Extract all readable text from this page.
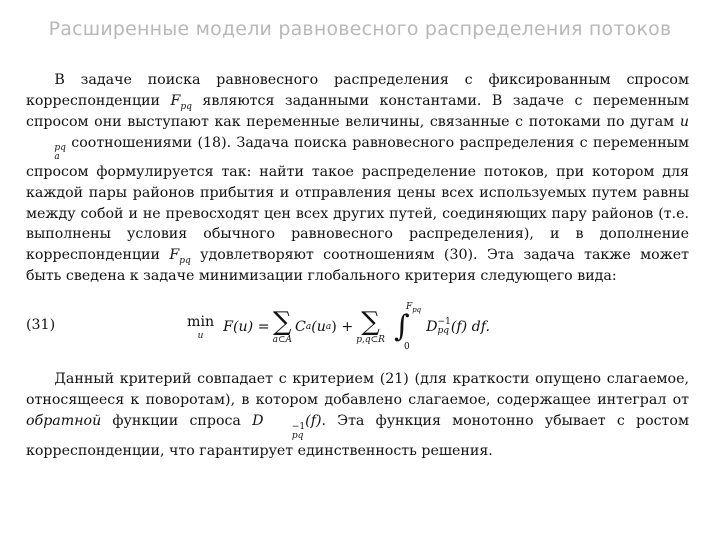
Расширенные модели равновесного распределения потоков

В задаче поиска равновесного распределения с фиксированным спросом корреспонденции $F_{pq}$ являются заданными константами. В задаче с переменным спросом они выступают как переменные величины, связанные с потоками по дугам u
pq
a
соотношениями (18). Задача поиска равновесного распределения с переменным спросом формулируется так: найти такое распределение потоков, при котором для каждой пары районов прибытия и отправления цены всех используемых путем равны между собой и не превосходят цен всех других путей, соединяющих пару районов (т.е. выполнены условия обычного равновесного распределения), и в дополнение корреспонденции $F_{pq}$ удовлетворяют соотношениям (30). Эта задача также может быть сведена к задаче минимизации глобального критерия следующего вида:

(31)	min
u
F(u) = ∑
a⊂A
C a (u a ) + ∑
p,q⊂R
$F_{pq}$
∫
0
D −1
pq (f) df.

Данный критерий совпадает с критерием (21) (для краткости опущено слагаемое, относящееся к поворотам), в котором добавлено слагаемое, содержащее интеграл от обратной функции спроса D	−1
pq
(f). Эта функция монотонно убывает с ростом корреспонденции, что гарантирует единственность решения.
